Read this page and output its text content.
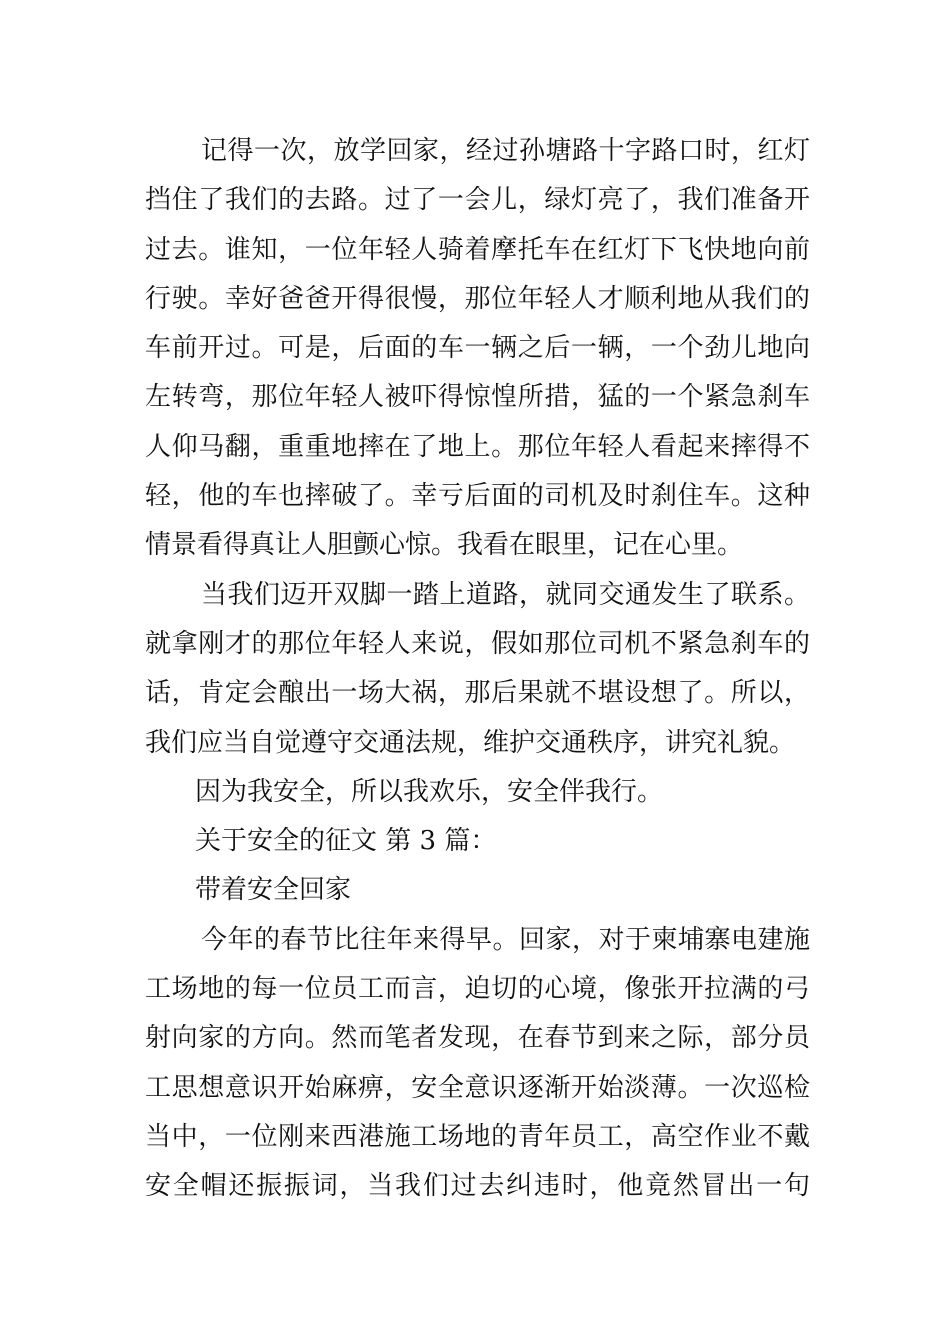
记得一次，放学回家，经过孙塘路十字路口时，红灯
挡住了我们的去路。过了一会儿，绿灯亮了，我们准备开
过去。谁知，一位年轻人骑着摩托车在红灯下飞快地向前
行驶。幸好爸爸开得很慢，那位年轻人才顺利地从我们的
车前开过。可是，后面的车一辆之后一辆，一个劲儿地向
左转弯，那位年轻人被吓得惊惶所措，猛的一个紧急刹车
人仰马翻，重重地摔在了地上。那位年轻人看起来摔得不
轻，他的车也摔破了。幸亏后面的司机及时刹住车。这种
情景看得真让人胆颤心惊。我看在眼里，记在心里。
当我们迈开双脚一踏上道路，就同交通发生了联系。
就拿刚才的那位年轻人来说，假如那位司机不紧急刹车的
话，肯定会酿出一场大祸，那后果就不堪设想了。所以，
我们应当自觉遵守交通法规，维护交通秩序，讲究礼貌。
因为我安全，所以我欢乐，安全伴我行。
关于安全的征文 第 3 篇：
带着安全回家
今年的春节比往年来得早。回家，对于柬埔寨电建施
工场地的每一位员工而言，迫切的心境，像张开拉满的弓
射向家的方向。然而笔者发现，在春节到来之际，部分员
工思想意识开始麻痹，安全意识逐渐开始淡薄。一次巡检
当中，一位刚来西港施工场地的青年员工，高空作业不戴
安全帽还振振词，当我们过去纠违时，他竟然冒出一句
